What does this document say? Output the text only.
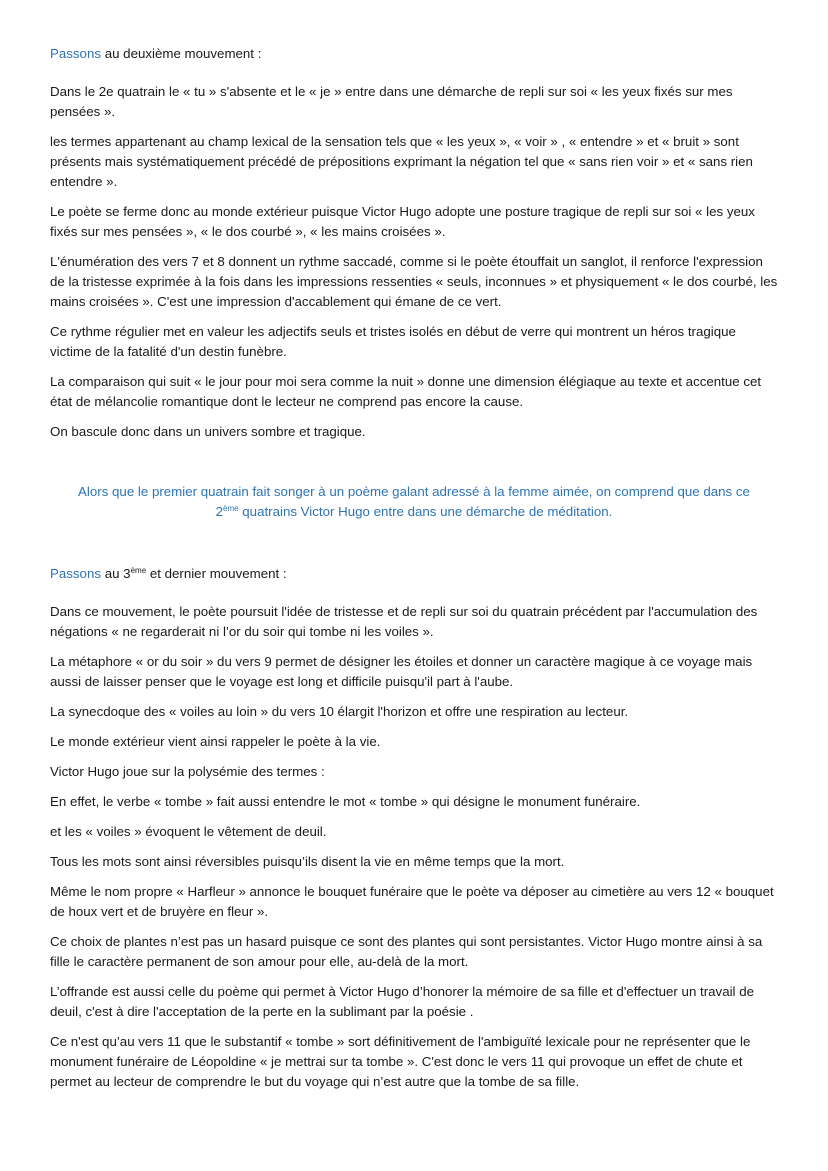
Passons au deuxième mouvement :

Dans le 2e quatrain le « tu » s'absente et le « je » entre dans une démarche de repli sur soi « les yeux fixés sur mes pensées ».

les termes appartenant au champ lexical de la sensation tels que « les yeux », « voir » , « entendre » et « bruit » sont présents mais systématiquement précédé de prépositions exprimant la négation tel que « sans rien voir » et « sans rien entendre ».

Le poète se ferme donc au monde extérieur puisque Victor Hugo adopte une posture tragique de repli sur soi « les yeux fixés sur mes pensées », « le dos courbé », « les mains croisées ».

L'énumération des vers 7 et 8 donnent un rythme saccadé, comme si le poète étouffait un sanglot, il renforce l'expression de la tristesse exprimée à la fois dans les impressions ressenties « seuls, inconnues » et physiquement « le dos courbé, les mains croisées ». C'est une impression d'accablement qui émane de ce vert.

Ce rythme régulier met en valeur les adjectifs seuls et tristes isolés en début de verre qui montrent un héros tragique victime de la fatalité d'un destin funèbre.

La comparaison qui suit « le jour pour moi sera comme la nuit » donne une dimension élégiaque au texte et accentue cet état de mélancolie romantique dont le lecteur ne comprend pas encore la cause.

On bascule donc dans un univers sombre et tragique.

Alors que le premier quatrain fait songer à un poème galant adressé à la femme aimée, on comprend que dans ce

2ème quatrains Victor Hugo entre dans une démarche de méditation.

Passons au 3ème et dernier mouvement :

Dans ce mouvement, le poète poursuit l'idée de tristesse et de repli sur soi du quatrain précédent par l'accumulation des négations « ne regarderait ni l’or du soir qui tombe ni les voiles ».

La métaphore « or du soir » du vers 9 permet de désigner les étoiles et donner un caractère magique à ce voyage mais aussi de laisser penser que le voyage est long et difficile puisqu'il part à l'aube.

La synecdoque des « voiles au loin » du vers 10 élargit l'horizon et offre une respiration au lecteur.

Le monde extérieur vient ainsi rappeler le poète à la vie.

Victor Hugo joue sur la polysémie des termes :

En effet, le verbe « tombe » fait aussi entendre le mot « tombe » qui désigne le monument funéraire.

et les « voiles » évoquent le vêtement de deuil.

Tous les mots sont ainsi réversibles puisqu’ils disent la vie en même temps que la mort.

Même le nom propre « Harfleur » annonce le bouquet funéraire que le poète va déposer au cimetière au vers 12 « bouquet de houx vert et de bruyère en fleur ».

Ce choix de plantes n’est pas un hasard puisque ce sont des plantes qui sont persistantes. Victor Hugo montre ainsi à sa fille le caractère permanent de son amour pour elle, au-delà de la mort.

L’offrande est aussi celle du poème qui permet à Victor Hugo d’honorer la mémoire de sa fille et d'effectuer un travail de deuil, c'est à dire l'acceptation de la perte en la sublimant par la poésie .

Ce n'est qu’au vers 11 que le substantif « tombe » sort définitivement de l'ambiguïté lexicale pour ne représenter que le monument funéraire de Léopoldine « je mettrai sur ta tombe ». C'est donc le vers 11 qui provoque un effet de chute et permet au lecteur de comprendre le but du voyage qui n’est autre que la tombe de sa fille.
